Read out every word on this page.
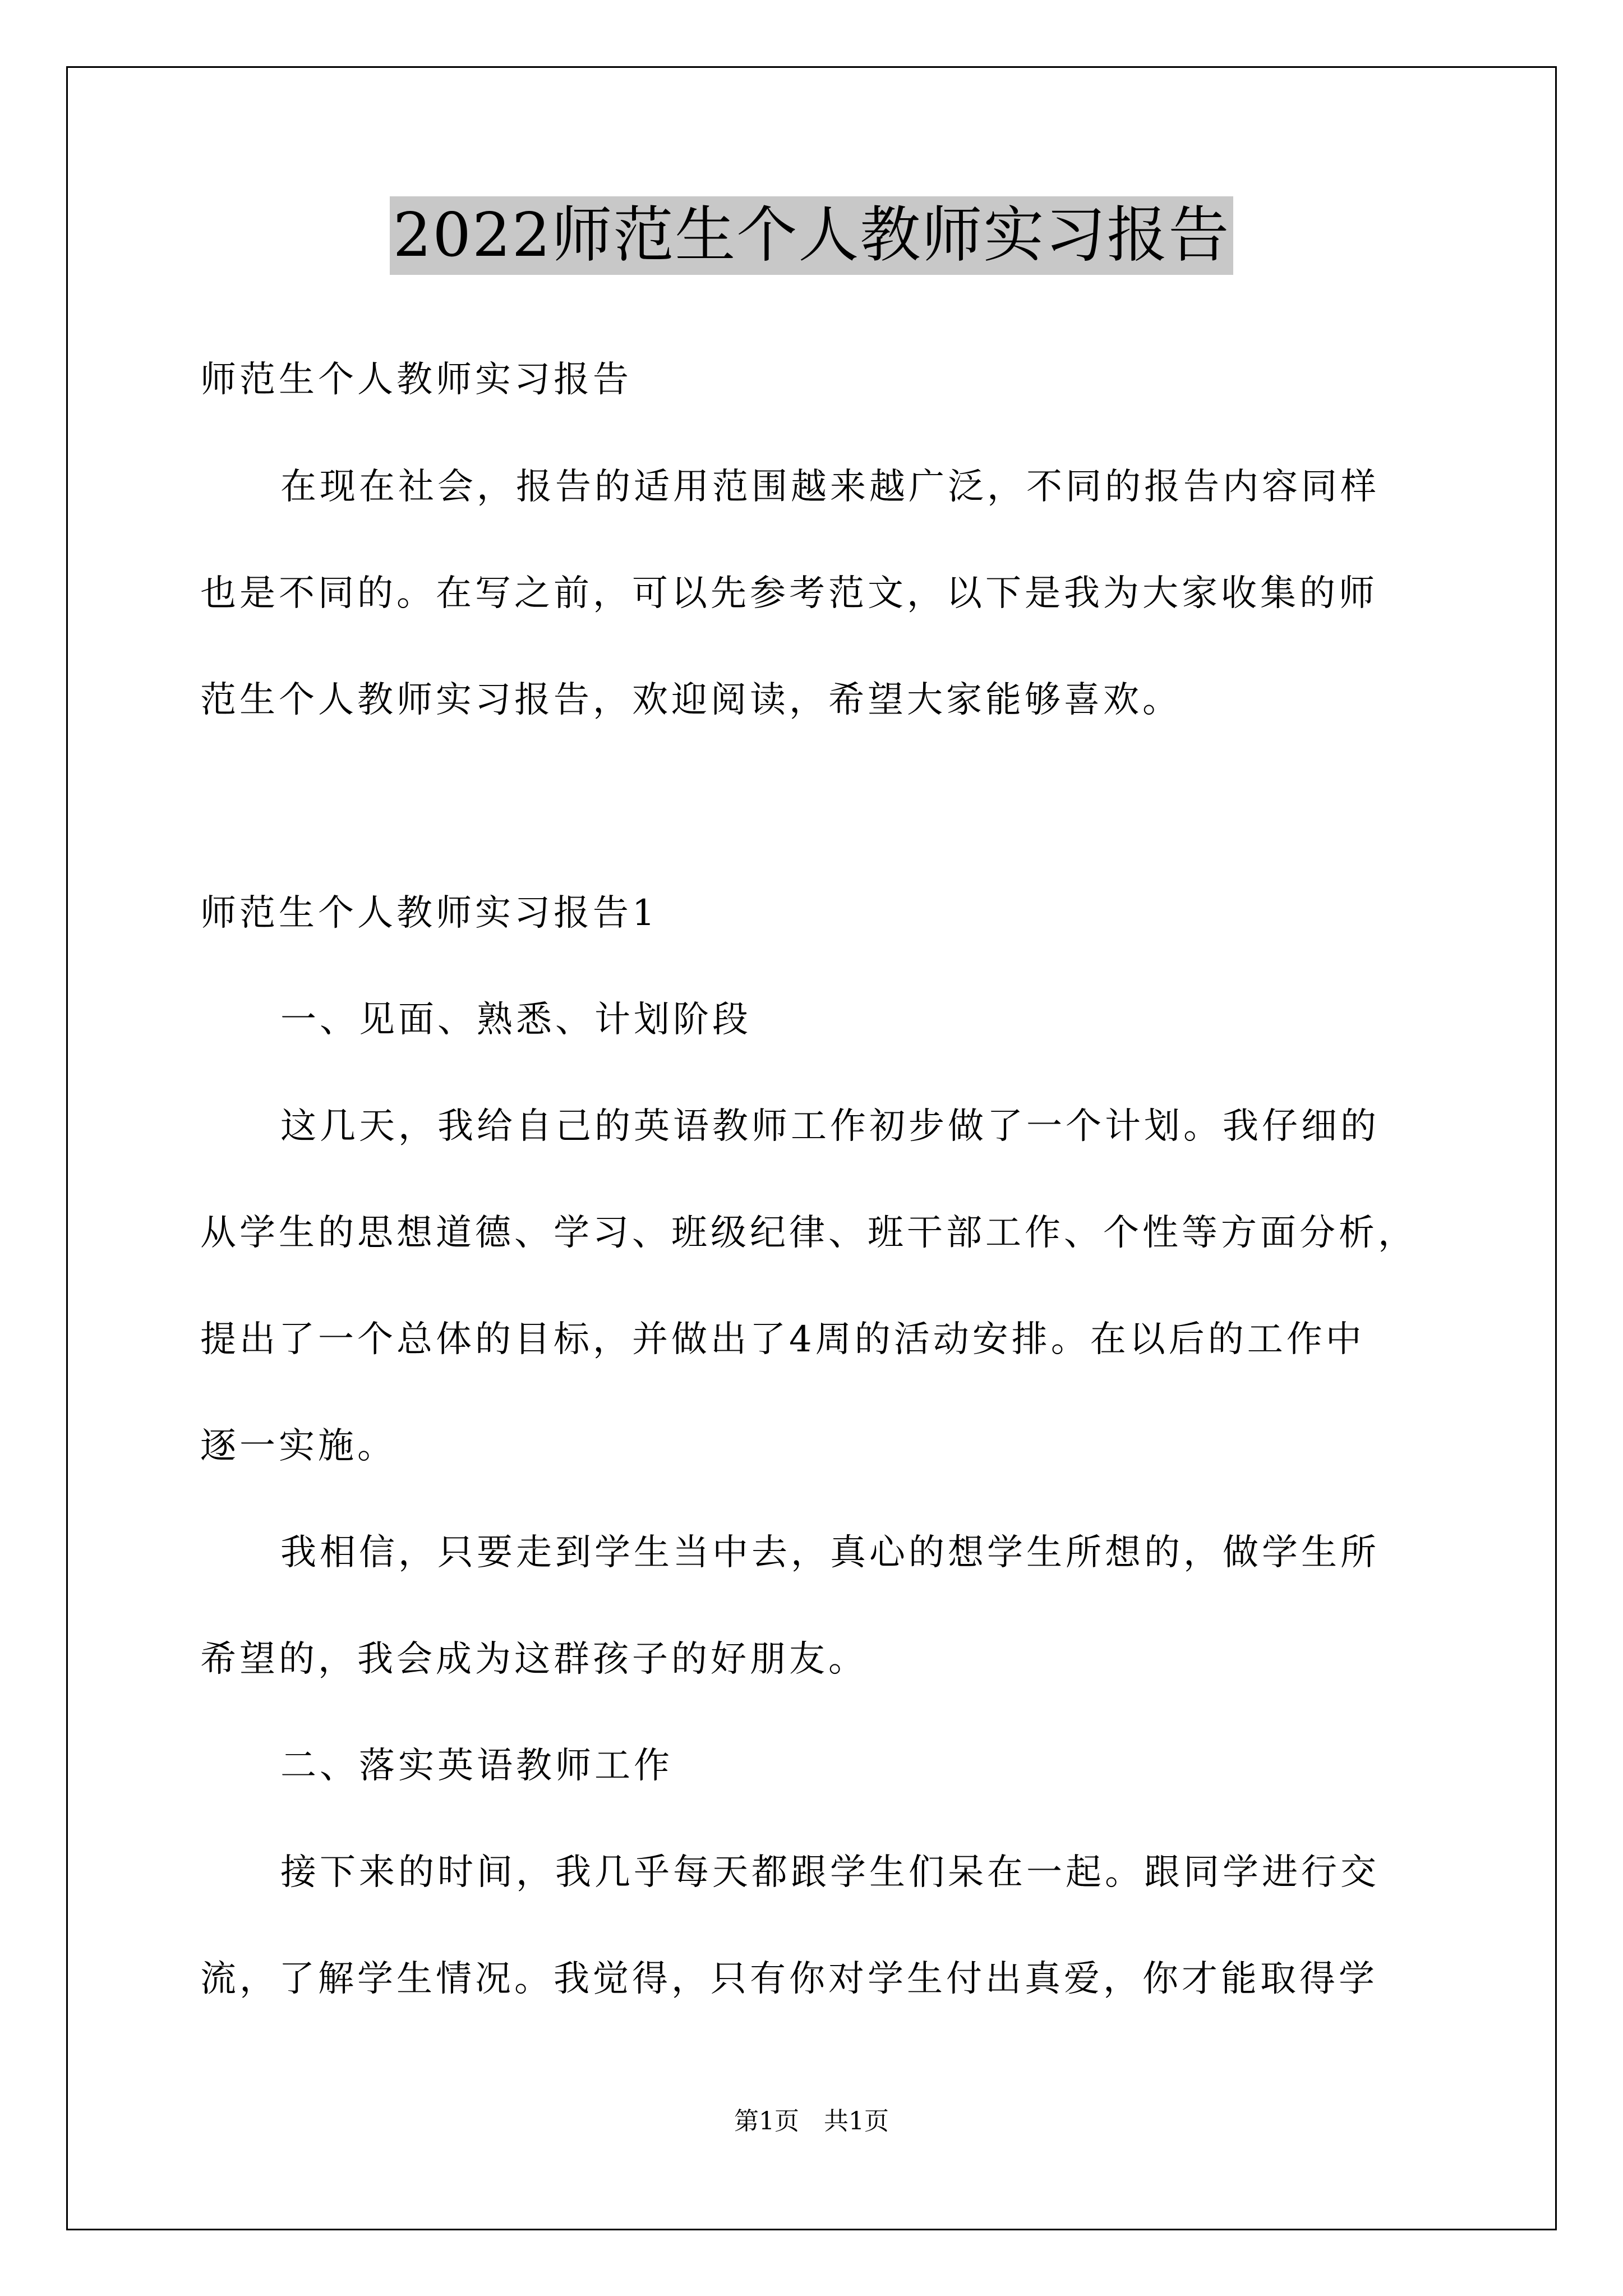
2022师范生个人教师实习报告
师范生个人教师实习报告
在现在社会，报告的适用范围越来越广泛，不同的报告内容同样
也是不同的。在写之前，可以先参考范文，以下是我为大家收集的师
范生个人教师实习报告，欢迎阅读，希望大家能够喜欢。
师范生个人教师实习报告1
一、见面、熟悉、计划阶段
这几天，我给自己的英语教师工作初步做了一个计划。我仔细的
从学生的思想道德、学习、班级纪律、班干部工作、个性等方面分析，
提出了一个总体的目标，并做出了4周的活动安排。在以后的工作中
逐一实施。
我相信，只要走到学生当中去，真心的想学生所想的，做学生所
希望的，我会成为这群孩子的好朋友。
二、落实英语教师工作
接下来的时间，我几乎每天都跟学生们呆在一起。跟同学进行交
流，了解学生情况。我觉得，只有你对学生付出真爱，你才能取得学
第1页　共1页
